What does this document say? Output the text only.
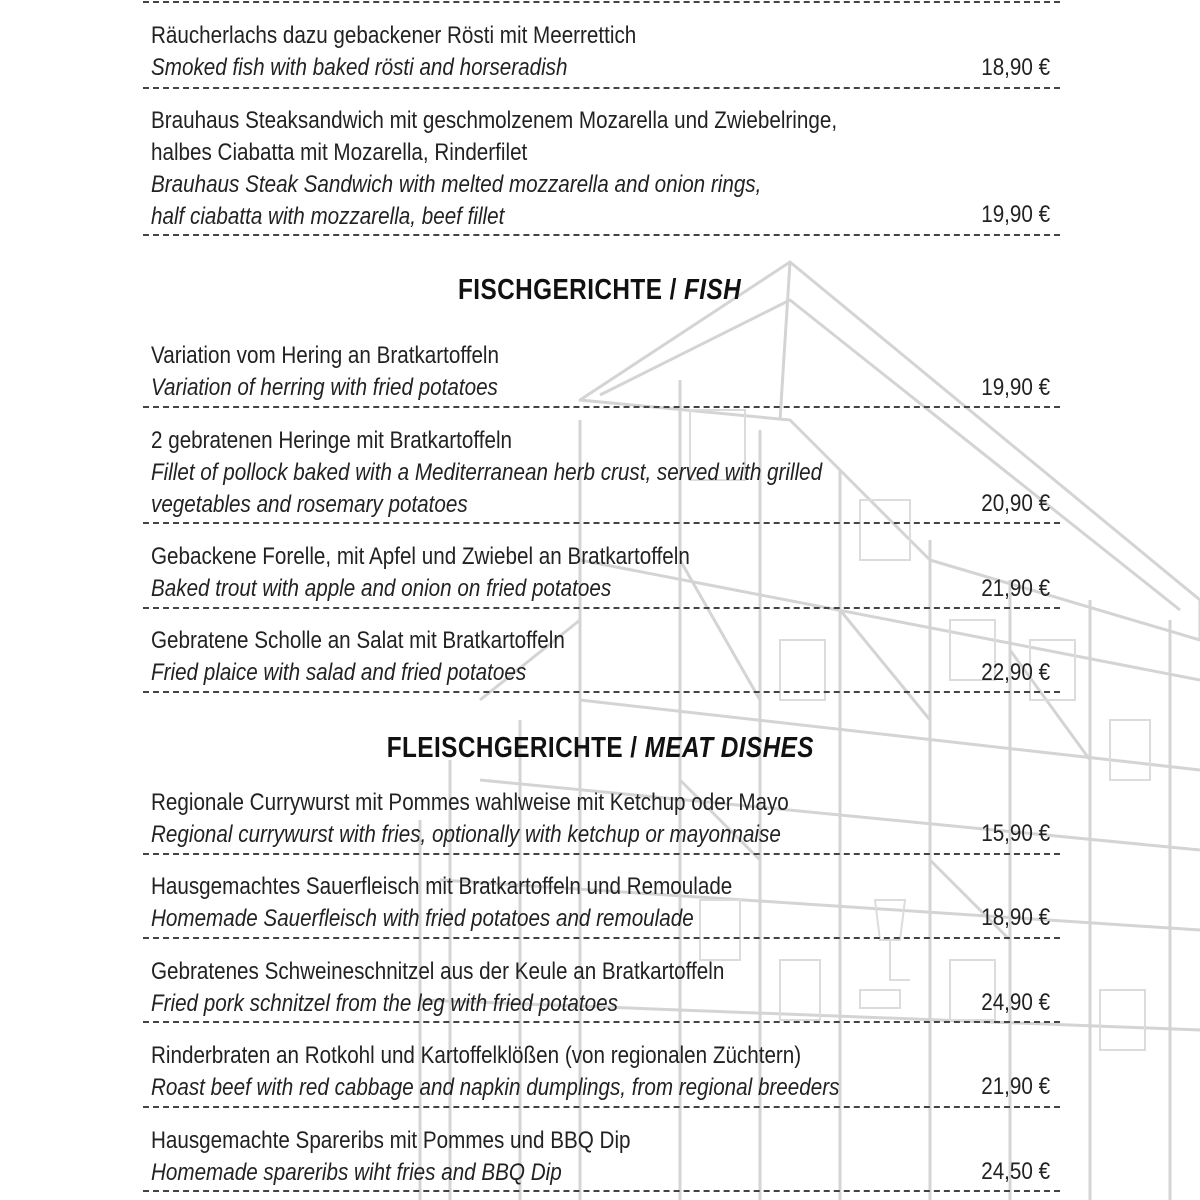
Räucherlachs dazu gebackener Rösti mit Meerrettich
Smoked fish with baked rösti and horseradish	18,90 €
Brauhaus Steaksandwich mit geschmolzenem Mozarella und Zwiebelringe,
halbes Ciabatta mit Mozarella, Rinderfilet
Brauhaus Steak Sandwich with melted mozzarella and onion rings,
half ciabatta with mozzarella, beef fillet	19,90 €
FISCHGERICHTE / FISH
Variation vom Hering an Bratkartoffeln
Variation of herring with fried potatoes	19,90 €
2 gebratenen Heringe mit Bratkartoffeln
Fillet of pollock baked with a Mediterranean herb crust, served with grilled
vegetables and rosemary potatoes	20,90 €
Gebackene Forelle, mit Apfel und Zwiebel an Bratkartoffeln
Baked trout with apple and onion on fried potatoes	21,90 €
Gebratene Scholle an Salat mit Bratkartoffeln
Fried plaice with salad and fried potatoes	22,90 €
FLEISCHGERICHTE / MEAT DISHES
Regionale Currywurst mit Pommes wahlweise mit Ketchup oder Mayo
Regional currywurst with fries, optionally with ketchup or mayonnaise	15,90 €
Hausgemachtes Sauerfleisch mit Bratkartoffeln und Remoulade
Homemade Sauerfleisch with fried potatoes and remoulade	18,90 €
Gebratenes Schweineschnitzel aus der Keule an Bratkartoffeln
Fried pork schnitzel from the leg with fried potatoes	24,90 €
Rinderbraten an Rotkohl und Kartoffelklößen (von regionalen Züchtern)
Roast beef with red cabbage and napkin dumplings, from regional breeders	21,90 €
Hausgemachte Spareribs mit Pommes und BBQ Dip
Homemade spareribs wiht fries and BBQ Dip	24,50 €
